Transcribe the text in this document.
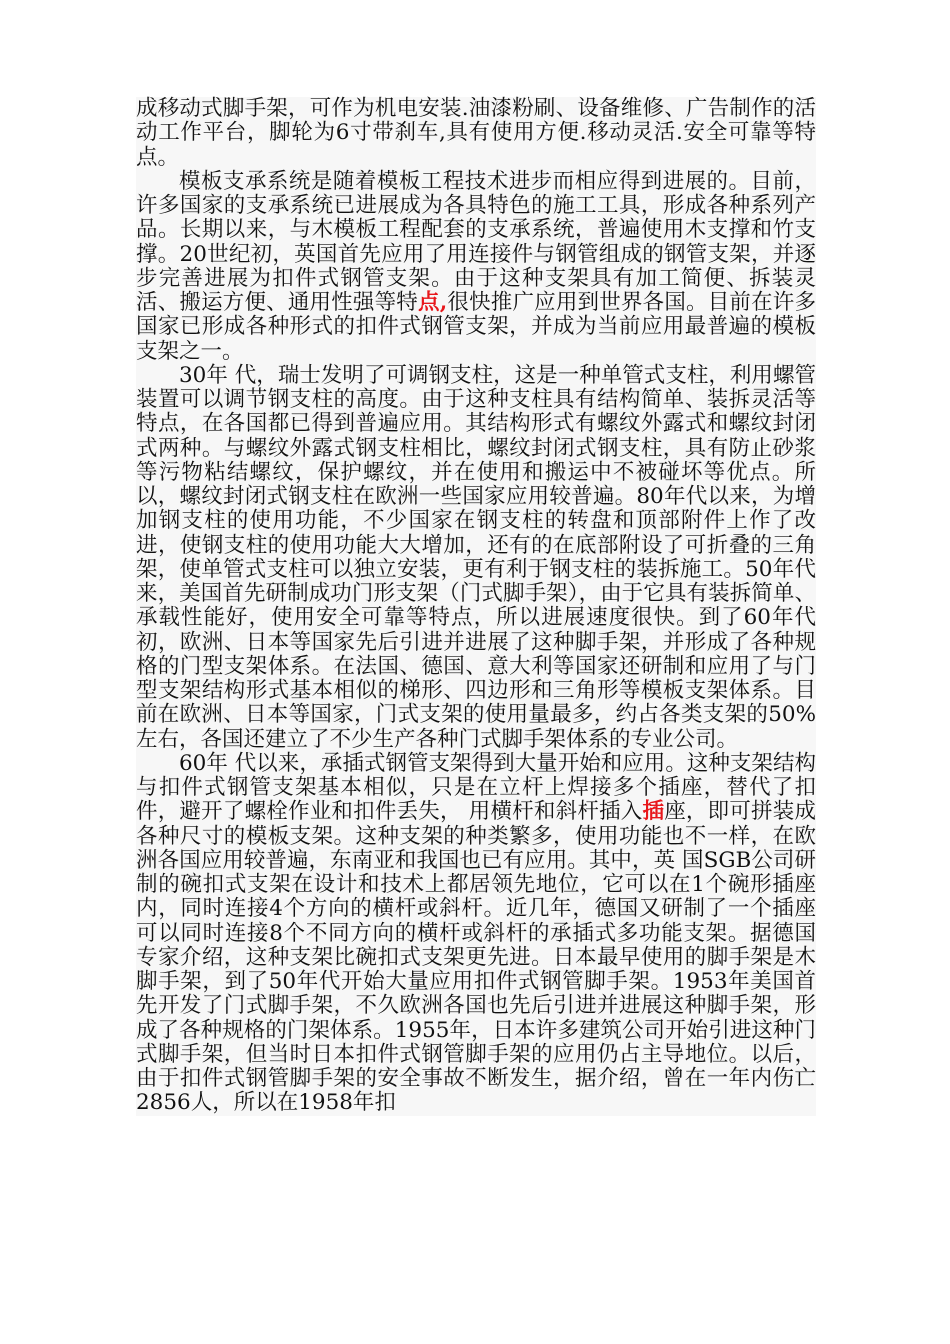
成移动式脚手架，可作为机电安装.油漆粉刷、设备维修、广告制作的活动工作平台，脚轮为6寸带刹车,具有使用方便.移动灵活.安全可靠等特点。

模板支承系统是随着模板工程技术进步而相应得到进展的。目前，许多国家的支承系统已进展成为各具特色的施工工具，形成各种系列产品。长期以来，与木模板工程配套的支承系统，普遍使用木支撑和竹支撑。20世纪初，英国首先应用了用连接件与钢管组成的钢管支架，并逐步完善进展为扣件式钢管支架。由于这种支架具有加工简便、拆装灵活、搬运方便、通用性强等特点,很快推广应用到世界各国。目前在许多国家已形成各种形式的扣件式钢管支架，并成为当前应用最普遍的模板支架之一。

30年 代，瑞士发明了可调钢支柱，这是一种单管式支柱，利用螺管装置可以调节钢支柱的高度。由于这种支柱具有结构简单、装拆灵活等特点，在各国都已得到普遍应用。其结构形式有螺纹外露式和螺纹封闭式两种。与螺纹外露式钢支柱相比，螺纹封闭式钢支柱，具有防止砂浆等污物粘结螺纹，保护螺纹，并在使用和搬运中不被碰坏等优点。所以，螺纹封闭式钢支柱在欧洲一些国家应用较普遍。80年代以来，为增加钢支柱的使用功能，不少国家在钢支柱的转盘和顶部附件上作了改进，使钢支柱的使用功能大大增加，还有的在底部附设了可折叠的三角架，使单管式支柱可以独立安装，更有利于钢支柱的装拆施工。50年代来，美国首先研制成功门形支架（门式脚手架），由于它具有装拆简单、承载性能好，使用安全可靠等特点，所以进展速度很快。到了60年代初，欧洲、日本等国家先后引进并进展了这种脚手架，并形成了各种规格的门型支架体系。在法国、德国、意大利等国家还研制和应用了与门型支架结构形式基本相似的梯形、四边形和三角形等模板支架体系。目前在欧洲、日本等国家，门式支架的使用量最多，约占各类支架的50%左右，各国还建立了不少生产各种门式脚手架体系的专业公司。

60年 代以来，承插式钢管支架得到大量开始和应用。这种支架结构与扣件式钢管支架基本相似，只是在立杆上焊接多个插座，替代了扣件，避开了螺栓作业和扣件丢失， 用横杆和斜杆插入插座，即可拼装成各种尺寸的模板支架。这种支架的种类繁多，使用功能也不一样，在欧洲各国应用较普遍，东南亚和我国也已有应用。其中，英 国SGB公司研制的碗扣式支架在设计和技术上都居领先地位，它可以在1个碗形插座内，同时连接4个方向的横杆或斜杆。近几年，德国又研制了一个插座可以同时连接8个不同方向的横杆或斜杆的承插式多功能支架。据德国专家介绍，这种支架比碗扣式支架更先进。日本最早使用的脚手架是木脚手架，到了50年代开始大量应用扣件式钢管脚手架。1953年美国首先开发了门式脚手架，不久欧洲各国也先后引进并进展这种脚手架，形成了各种规格的门架体系。1955年，日本许多建筑公司开始引进这种门式脚手架，但当时日本扣件式钢管脚手架的应用仍占主导地位。以后，由于扣件式钢管脚手架的安全事故不断发生，据介绍，曾在一年内伤亡2856人，所以在1958年扣
